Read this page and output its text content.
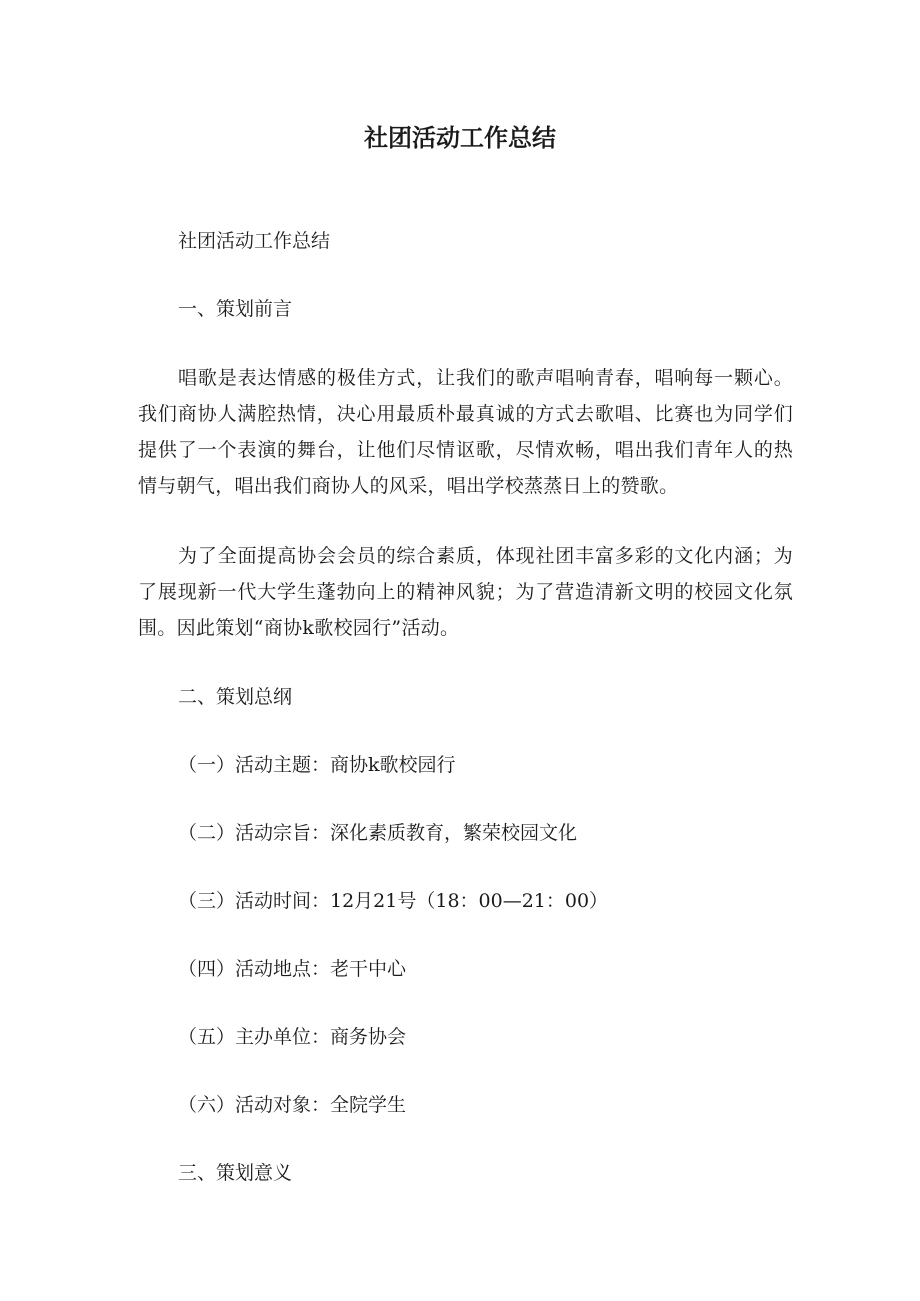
社团活动工作总结

社团活动工作总结

一、策划前言

唱歌是表达情感的极佳方式，让我们的歌声唱响青春，唱响每一颗心。我们商协人满腔热情，决心用最质朴最真诚的方式去歌唱、比赛也为同学们提供了一个表演的舞台，让他们尽情讴歌，尽情欢畅，唱出我们青年人的热情与朝气，唱出我们商协人的风采，唱出学校蒸蒸日上的赞歌。

为了全面提高协会会员的综合素质，体现社团丰富多彩的文化内涵；为了展现新一代大学生蓬勃向上的精神风貌；为了营造清新文明的校园文化氛围。因此策划“商协k歌校园行”活动。

二、策划总纲

（一）活动主题：商协k歌校园行

（二）活动宗旨：深化素质教育，繁荣校园文化

（三）活动时间：12月21号（18：00—21：00）

（四）活动地点：老干中心

（五）主办单位：商务协会

（六）活动对象：全院学生

三、策划意义
